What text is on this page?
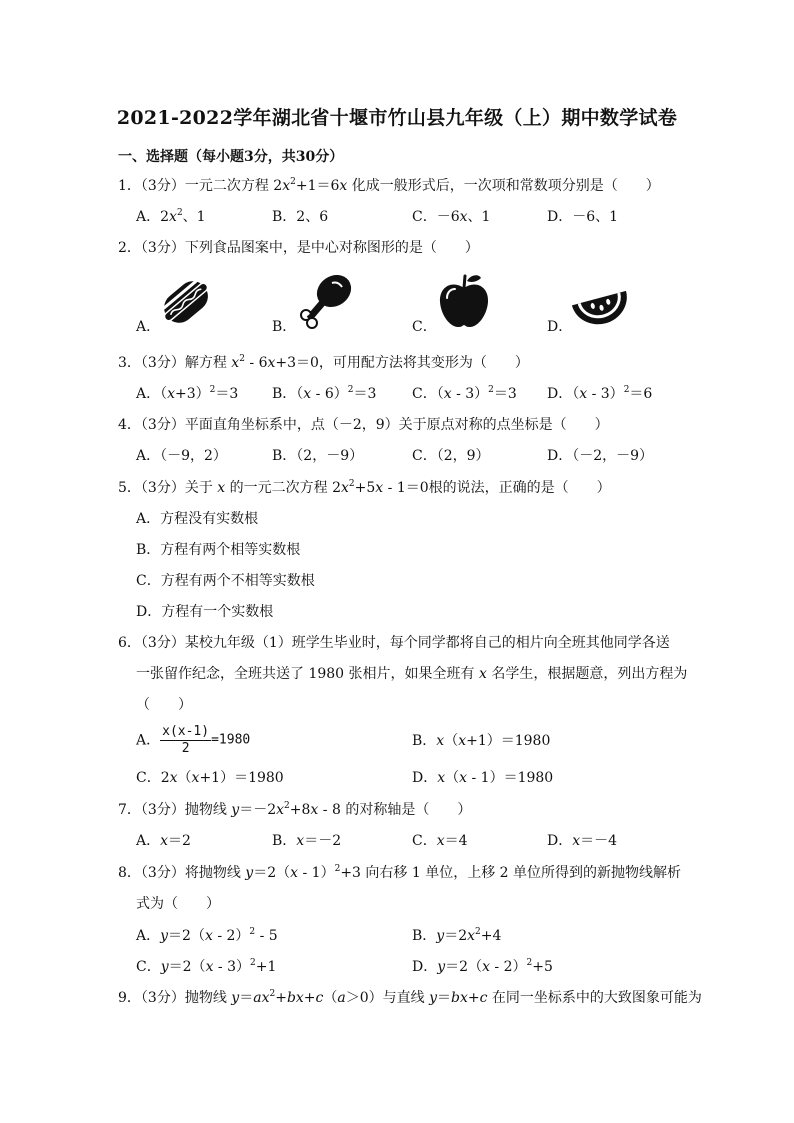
2021-2022学年湖北省十堰市竹山县九年级（上）期中数学试卷
一、选择题（每小题3分，共30分）
1．（3分）一元二次方程 $2x^2+1=6x$ 化成一般形式后，一次项和常数项分别是（　　）
A．$2x^2$、1	B．2、6	C．－6x、1	D．－6、1
2．（3分）下列食品图案中，是中心对称图形的是（　　）
A．	B．	C．	D．
3．（3分）解方程 $x^2 - 6x+3=0$，可用配方法将其变形为（　　）
A．$(x+3)^2=3$ B．（x - 6）$^2$＝3	C．（x - 3）$^2$＝3 D．（x - 3）$^2$＝6
4．（3分）平面直角坐标系中，点（－2，9）关于原点对称的点坐标是（　　）
A．（－9，2）	B．（2，－9）	C．（2，9）	D．（－2，－9）
5．（3分）关于 x 的一元二次方程 $2x^2+5x - 1=0$根的说法，正确的是（　　）
A．方程没有实数根
B．方程有两个相等实数根
C．方程有两个不相等实数根
D．方程有一个实数根
6．（3分）某校九年级（1）班学生毕业时，每个同学都将自己的相片向全班其他同学各送
一张留作纪念，全班共送了 1980 张相片，如果全班有 x 名学生，根据题意，列出方程为
（　　）
A． $\frac{x(x-1)}{2} =1980$	B．x（x+1）＝1980
C．2x（x+1）＝1980	D．x（x - 1）＝1980
7．（3分）抛物线 $y=-2x^2+8x - 8$ 的对称轴是（　　）
A．x＝2	B．x＝－2	C．x＝4	D．x＝－4
8．（3分）将抛物线 y＝2（x - 1）$^2$+3 向右移 1 单位，上移 2 单位所得到的新抛物线解析
式为（　　）
A．y＝2（x - 2）$^2$ - 5	B．$y=2x^2+4$
C．y＝2（x - 3）$^2$+1	D．y＝2（x - 2）$^2$+5
9．（3分）抛物线 $y=ax^2+bx+c(a>0)$与直线 y＝bx+c 在同一坐标系中的大致图象可能为
